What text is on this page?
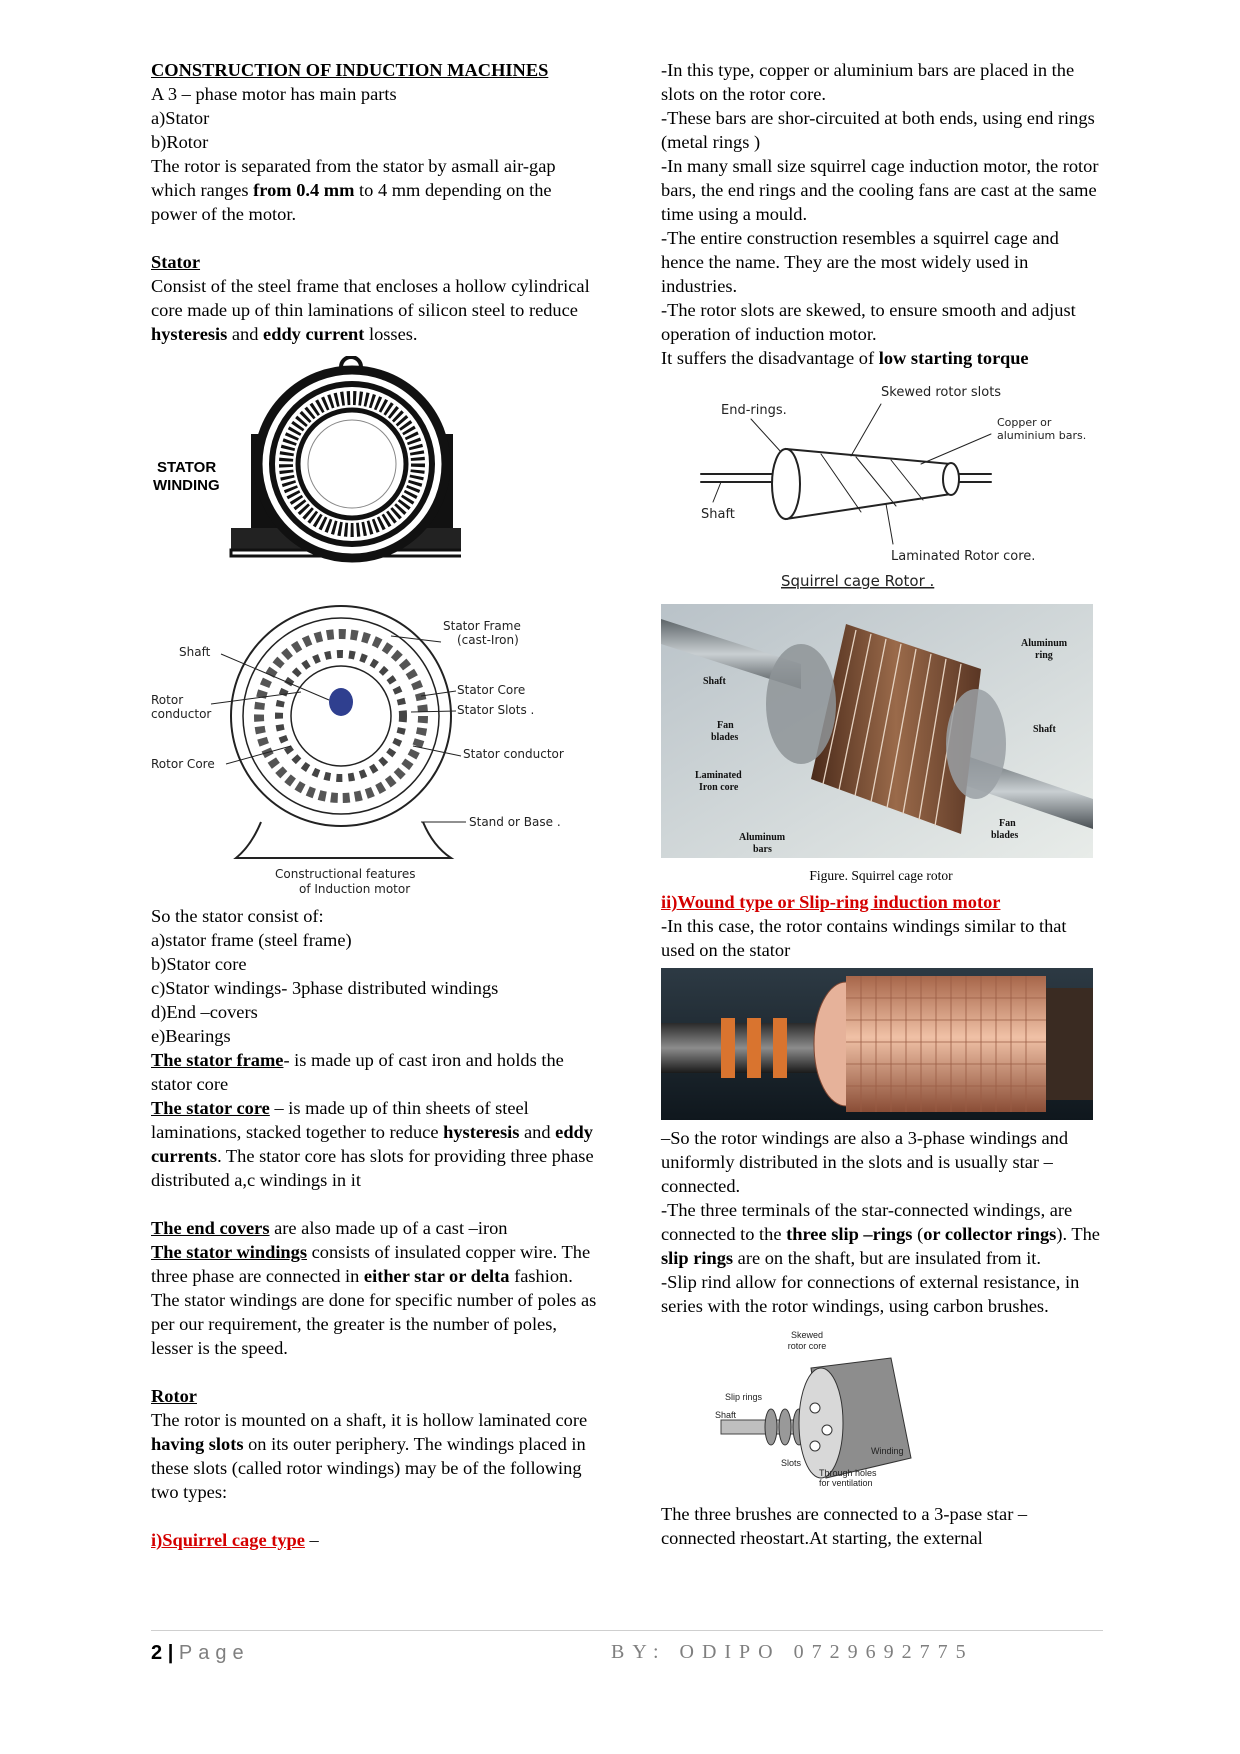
CONSTRUCTION OF INDUCTION MACHINES

A 3 – phase motor has main parts

a)Stator

b)Rotor

The rotor is separated from the stator by asmall air-gap which ranges from 0.4 mm to 4 mm depending on the power of the motor.

Stator

Consist of the steel frame that encloses a hollow cylindrical core made up of thin laminations of silicon steel to reduce hysteresis and eddy current losses.

STATOR
WINDING
Shaft
Rotor
conductor
Rotor Core
Stator Frame
(cast-Iron)
Stator Core
Stator Slots .
Stator conductor
Stand or Base .
Constructional features
of Induction motor

So the stator consist of:

a)stator frame (steel frame)

b)Stator core

c)Stator windings- 3phase distributed windings

d)End –covers

e)Bearings

The stator frame- is made up of cast iron and holds the stator core

The stator core – is made up of thin sheets of steel laminations, stacked together to reduce hysteresis and eddy currents. The stator core has slots for providing three phase distributed a,c windings in it

The end covers are also made up of a cast –iron

The stator windings consists of insulated copper wire. The three phase are connected in either star or delta fashion.

The stator windings are done for specific number of poles as per our requirement, the greater is the number of poles, lesser is the speed.

Rotor

The rotor is mounted on a shaft, it is hollow laminated core having slots on its outer periphery. The windings placed in these slots (called rotor windings) may be of the following two types:

i)Squirrel cage type –

-In this type, copper or aluminium bars are placed in the slots on the rotor core.

-These bars are shor-circuited at both ends, using end rings (metal rings )

-In many small size squirrel cage induction motor, the rotor bars, the end rings and the cooling fans are cast at the same time using a mould.

-The entire construction resembles a squirrel cage and hence the name. They are the most widely used in industries.

-The rotor slots are skewed, to ensure smooth and adjust operation of induction motor.

It suffers the disadvantage of low starting torque

End-rings.
Skewed rotor slots
Copper or
aluminium bars.
Shaft
Laminated Rotor core.
Squirrel cage Rotor .
Aluminum
ring
Shaft
Fan
blades
Shaft
Laminated
Iron core
Fan
blades
Aluminum
bars

Figure. Squirrel cage rotor

ii)Wound type or Slip-ring induction motor

-In this case, the rotor contains windings similar to that used on the stator

–So the rotor windings are also a 3-phase windings and uniformly distributed in the slots and is usually star –connected.

-The three terminals of the star-connected windings, are connected to the three slip –rings (or collector rings). The slip rings are on the shaft, but are insulated from it.

-Slip rind allow for connections of external resistance, in series with the rotor windings, using carbon brushes.

Skewed
rotor core
Slip rings
Shaft
Winding
Slots
Through holes
for ventilation

The three brushes are connected to a 3-pase star – connected rheostart.At starting, the external

2 | Page	BY: ODIPO 0729692775
